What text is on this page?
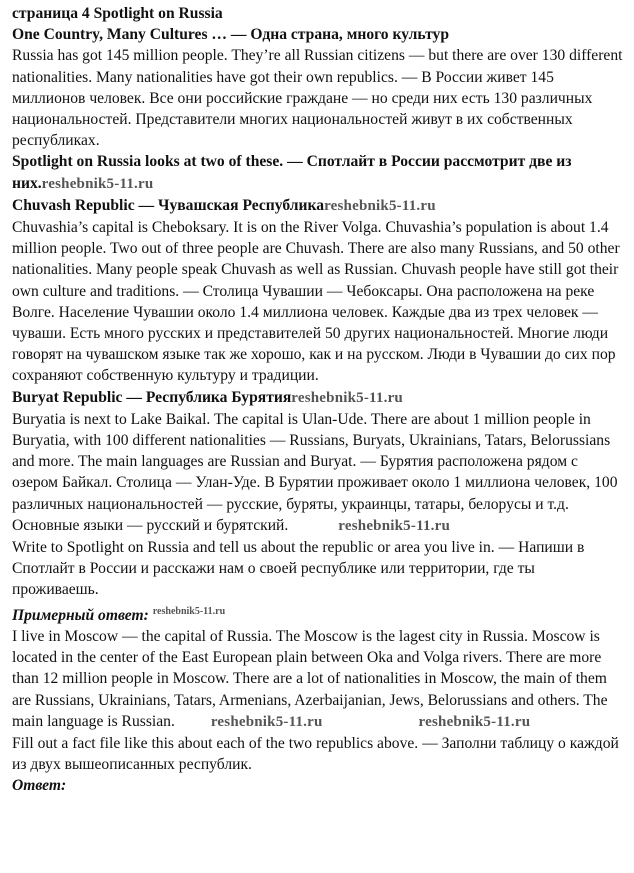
страница 4 Spotlight on Russia

One Country, Many Cultures … — Одна страна, много культур

Russia has got 145 million people. They’re all Russian citizens — but there are over 130 different nationalities. Many nationalities have got their own republics. — В России живет 145 миллионов человек. Все они российские граждане — но среди них есть 130 различных национальностей. Представители многих национальностей живут в их собственных республиках.

Spotlight on Russia looks at two of these. — Спотлайт в России рассмотрит две из них.reshebnik5-11.ru

Chuvash Republic — Чувашская Республикаreshebnik5-11.ru

Chuvashia’s capital is Cheboksary. It is on the River Volga. Chuvashia’s population is about 1.4 million people. Two out of three people are Chuvash. There are also many Russians, and 50 other nationalities. Many people speak Chuvash as well as Russian. Chuvash people have still got their own culture and traditions. — Столица Чувашии — Чебоксары. Она расположена на реке Волге. Население Чувашии около 1.4 миллиона человек. Каждые два из трех человек — чуваши. Есть много русских и представителей 50 других национальностей. Многие люди говорят на чувашском языке так же хорошо, как и на русском. Люди в Чувашии до сих пор сохраняют собственную культуру и традиции.

Buryat Republic — Республика Бурятияreshebnik5-11.ru

Buryatia is next to Lake Baikal. The capital is Ulan-Ude. There are about 1 million people in Buryatia, with 100 different nationalities — Russians, Buryats, Ukrainians, Tatars, Belorussians and more. The main languages are Russian and Buryat. — Бурятия расположена рядом с озером Байкал. Столица — Улан-Уде. В Бурятии проживает около 1 миллиона человек, 100 различных национальностей — русские, буряты, украинцы, татары, белорусы и т.д. Основные языки — русский и бурятский.	reshebnik5-11.ru

Write to Spotlight on Russia and tell us about the republic or area you live in. — Напиши в Спотлайт в России и расскажи нам о своей республике или территории, где ты проживаешь.

Примерный ответ: $^{reshebnik5-11.ru}$

I live in Moscow — the capital of Russia. The Moscow is the lagest city in Russia. Moscow is located in the center of the East European plain between Oka and Volga rivers. There are more than 12 million people in Moscow. There are a lot of nationalities in Moscow, the main of them are Russians, Ukrainians, Tatars, Armenians, Azerbaijanian, Jews, Belorussians and others. The main language is Russian. reshebnik5-11.ru	reshebnik5-11.ru

Fill out a fact file like this about each of the two republics above. — Заполни таблицу о каждой из двух вышеописанных республик.

Ответ:
